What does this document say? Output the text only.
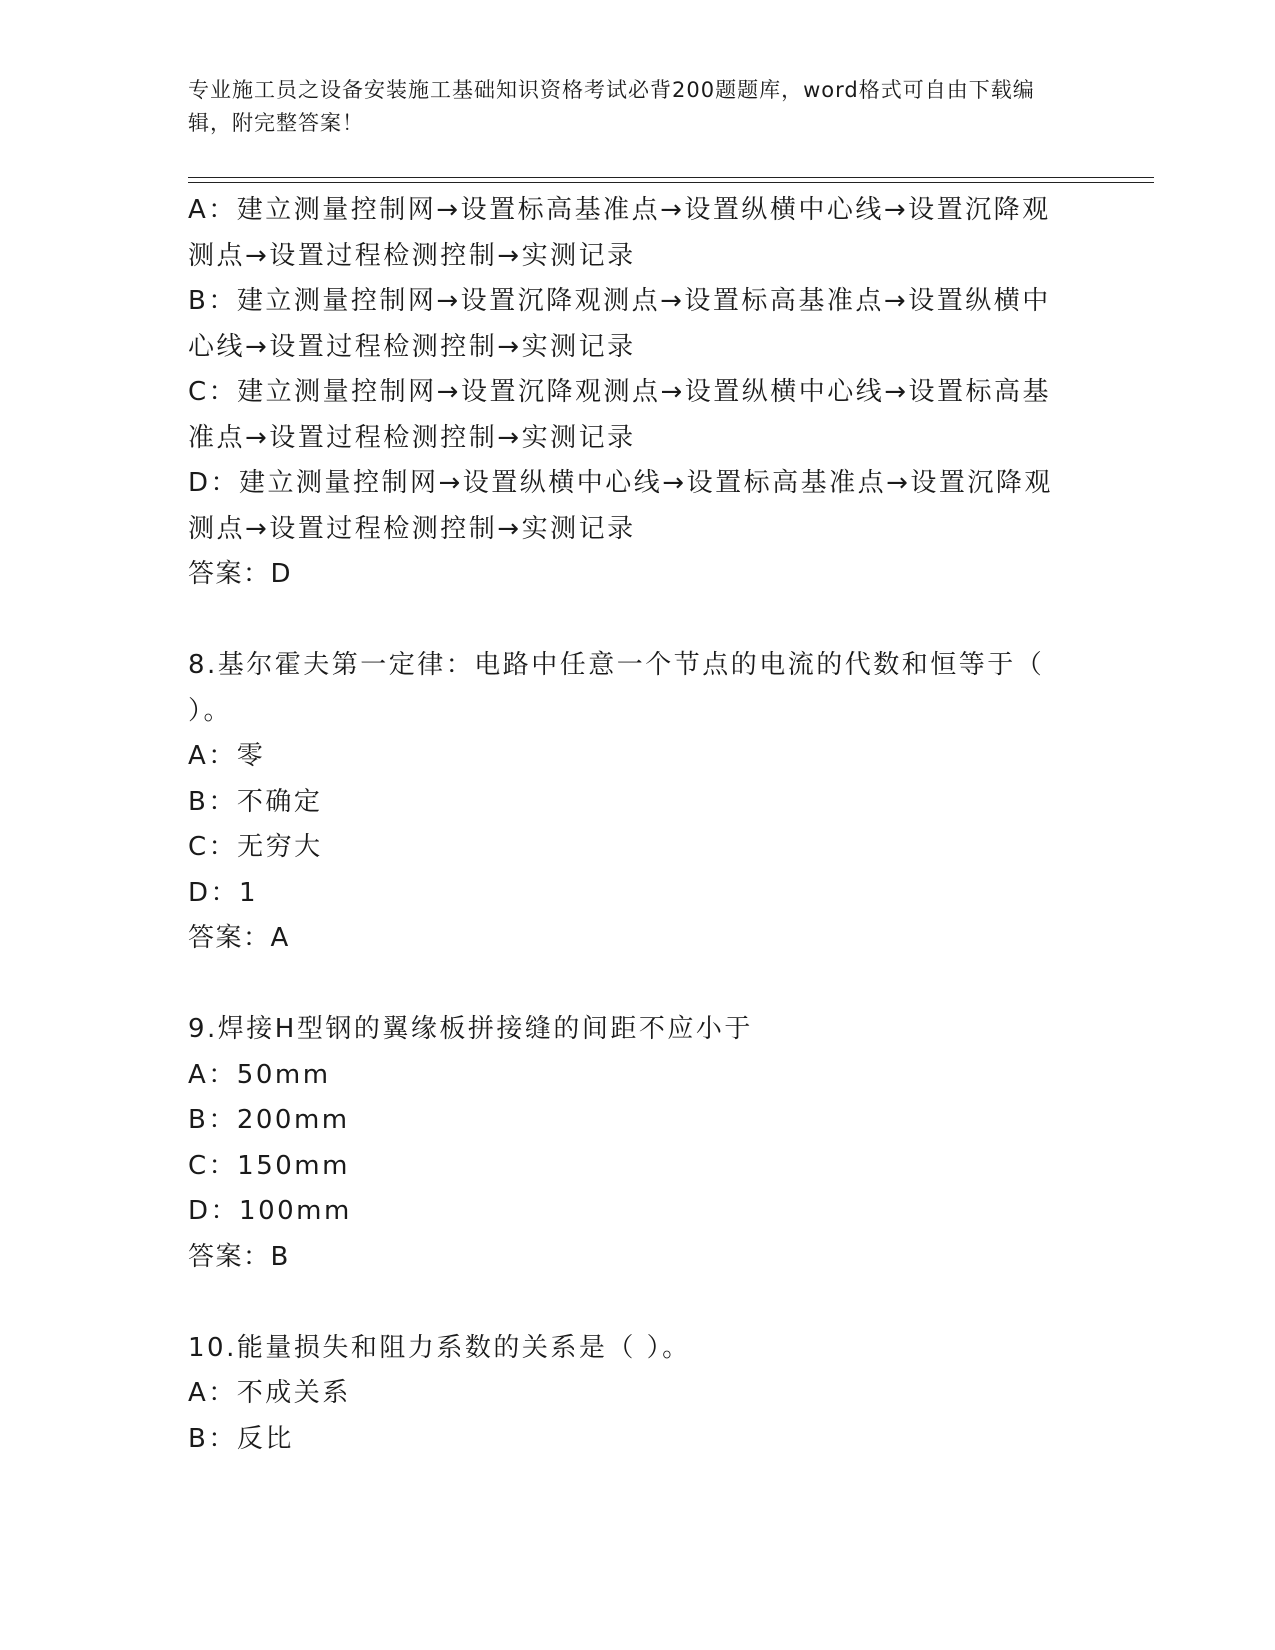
专业施工员之设备安装施工基础知识资格考试必背200题题库，word格式可自由下载编辑，附完整答案！

A：建立测量控制网→设置标高基准点→设置纵横中心线→设置沉降观

测点→设置过程检测控制→实测记录

B：建立测量控制网→设置沉降观测点→设置标高基准点→设置纵横中

心线→设置过程检测控制→实测记录

C：建立测量控制网→设置沉降观测点→设置纵横中心线→设置标高基

准点→设置过程检测控制→实测记录

D：建立测量控制网→设置纵横中心线→设置标高基准点→设置沉降观

测点→设置过程检测控制→实测记录

答案：D

8.基尔霍夫第一定律：电路中任意一个节点的电流的代数和恒等于（

）。

A：零

B：不确定

C：无穷大

D：1

答案：A

9.焊接H型钢的翼缘板拼接缝的间距不应小于

A：50mm

B：200mm

C：150mm

D：100mm

答案：B

10.能量损失和阻力系数的关系是（ ）。

A：不成关系

B：反比
